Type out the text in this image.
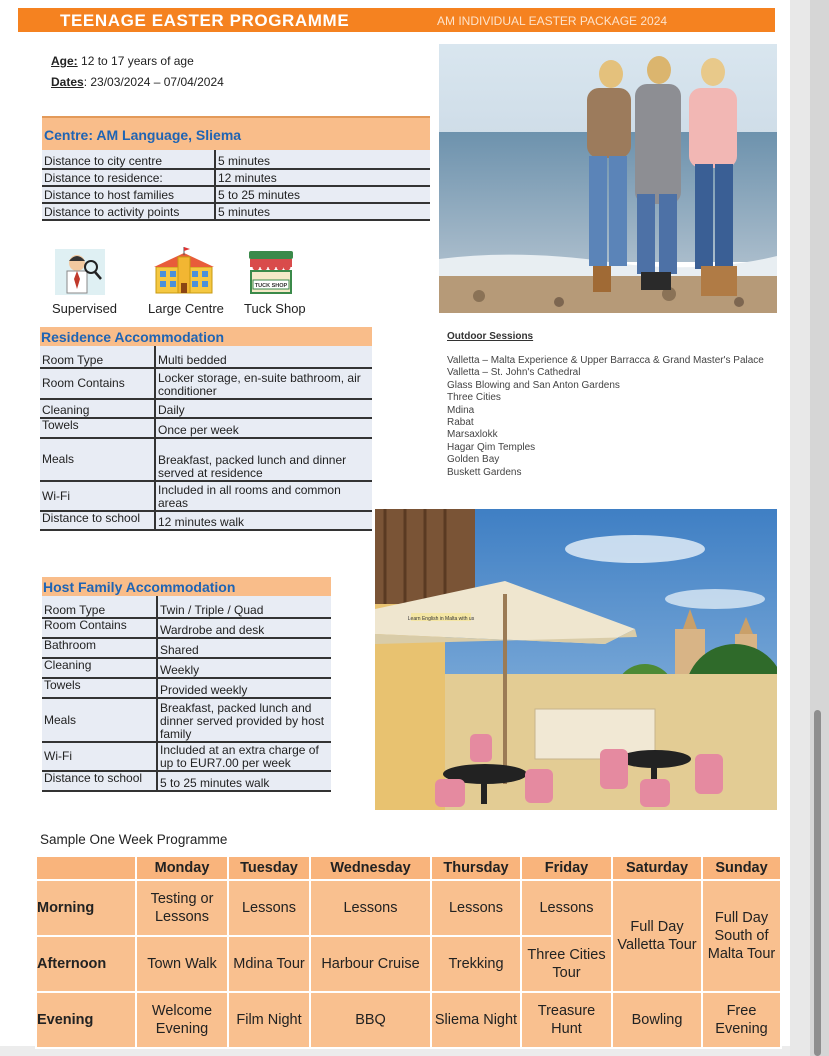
TEENAGE EASTER PROGRAMME	AM INDIVIDUAL EASTER PACKAGE 2024
Age: 12 to 17 years of age
Dates: 23/03/2024 – 07/04/2024
Centre: AM Language, Sliema
Distance to city centre	5 minutes
Distance to residence:	12 minutes
Distance to host families	5 to 25 minutes
Distance to activity points	5 minutes
Supervised Large Centre
TUCK SHOP
Tuck Shop
Residence Accommodation
Room Type	Multi bedded
Room Contains	Locker storage, en-suite bathroom, air conditioner
Cleaning	Daily
Towels	Once per week
Meals	Breakfast, packed lunch and dinner served at residence
Wi-Fi	Included in all rooms and common areas
Distance to school	12 minutes walk
Outdoor Sessions
Valletta – Malta Experience & Upper Barracca & Grand Master's Palace
Valletta – St. John's Cathedral
Glass Blowing and San Anton Gardens
Three Cities
Mdina
Rabat
Marsaxlokk
Hagar Qim Temples
Golden Bay
Buskett Gardens
Host Family Accommodation
Room Type	Twin / Triple / Quad
Room Contains	Wardrobe and desk
Bathroom	Shared
Cleaning	Weekly
Towels	Provided weekly
Meals	Breakfast, packed lunch and dinner served provided by host family
Wi-Fi	Included at an extra charge of up to EUR7.00 per week
Distance to school	5 to 25 minutes walk
Learn English in Malta with us
Sample One Week Programme
	Monday	Tuesday	Wednesday	Thursday	Friday	Saturday	Sunday
Morning	Testing or Lessons	Lessons	Lessons	Lessons	Lessons	Full Day Valletta Tour	Full Day South of Malta Tour
Afternoon	Town Walk	Mdina Tour	Harbour Cruise	Trekking	Three Cities Tour		
Evening	Welcome Evening	Film Night	BBQ	Sliema Night	Treasure Hunt	Bowling	Free Evening
